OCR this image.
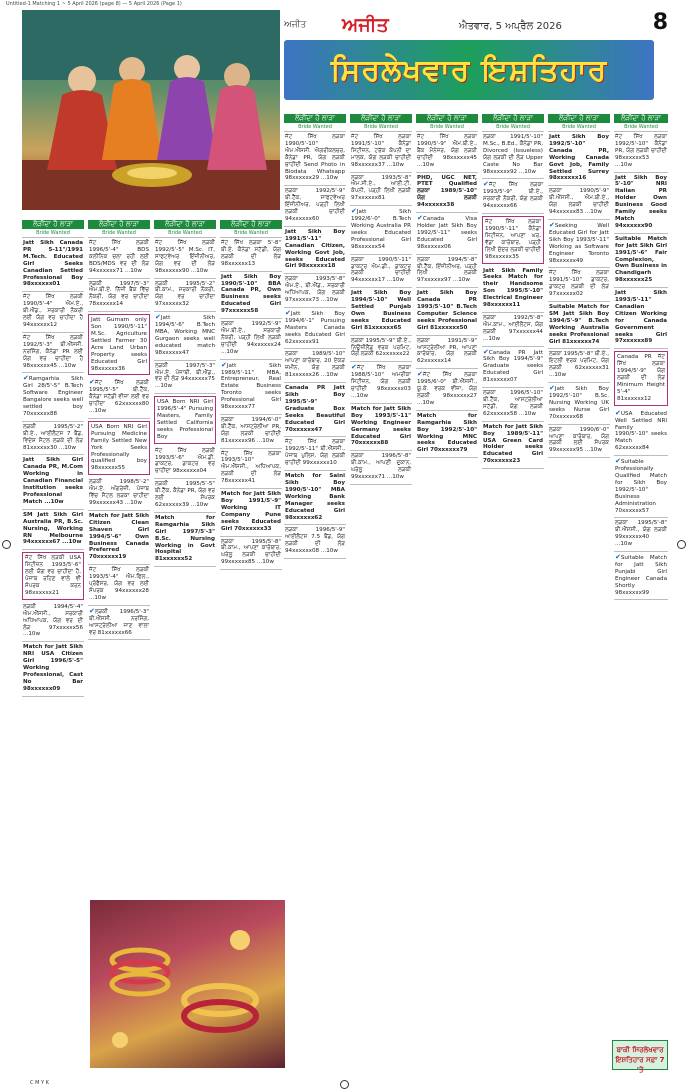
Untitled-1 Matching 1 ~ 5 April 2026 (page 8) — 5 April 2026 (Page 1)
ਅਜੀਤ ਅਜੀਤ	ਐਤਵਾਰ, 5 ਅਪ੍ਰੈਲ 2026	8
ਸਿਰਲੇਖਵਾਰ ਇਸ਼ਤਿਹਾਰ
ਲੋੜੀਂਦਾ ਹੈ ਲਾੜਾ
Bride Wanted
Jatt Sikh Canada PR 5-11"/1991 M.Tech. Educated Girl Seeks Canadian Settled Professional Boy 98xxxxxx01
ਜੱਟ ਸਿੱਖ ਲੜਕੀ 1990/5'-4" ਐਮ.ਏ., ਬੀ.ਐੱਡ., ਸਰਕਾਰੀ ਨੌਕਰੀ ਲਈ ਯੋਗ ਵਰ ਚਾਹੀਦਾ ਹੈ 94xxxxxx12
ਜੱਟ ਸਿੱਖ ਲੜਕੀ 1992/5'-3" ਬੀ.ਐੱਸਸੀ. ਨਰਸਿੰਗ, ਕੈਨੇਡਾ PR ਲਈ ਯੋਗ ਵਰ ਚਾਹੀਦਾ ਹੈ 98xxxxxx45 ...10w
✔ Ramgarhia Sikh Girl 28/5'-5" B.Tech Software Engineer Bangalore seeks well settled boy 70xxxxxx88
ਲੜਕੀ 1995/5'-2" ਬੀ.ਏ., ਆਈਲੈਟਸ 7 ਬੈਂਡ, ਵਿਦੇਸ਼ ਸੈਟਲ ਲੜਕੇ ਦੀ ਲੋੜ 81xxxxxx30 ...10w
Jatt Sikh Girl Canada PR, M.Com Working in Canadian Financial Institution seeks Professional Match ...10w
SM Jatt Sikh Girl Australia PR, B.Sc. Nursing, Working RN Melbourne 94xxxxxx67 ...10w
ਜੱਟ ਸਿੱਖ ਲੜਕੀ USA ਸਿਟੀਜ਼ਨ 1993/5'-6" ਲਈ ਯੋਗ ਵਰ ਚਾਹੀਦਾ ਹੈ, ਪੰਜਾਬ ਰਹਿਣ ਵਾਲੇ ਵੀ ਸੰਪਰਕ ਕਰਨ 98xxxxxx21
ਲੜਕੀ 1994/5'-4" ਐਮ.ਐੱਸਸੀ., ਸਰਕਾਰੀ ਅਧਿਆਪਕ, ਯੋਗ ਵਰ ਦੀ ਲੋੜ 97xxxxxx56 ...10w
Match for Jatt Sikh NRI USA Citizen Girl 1996/5'-5" Working Professional, Cast No Bar 98xxxxxx09
ਲੋੜੀਂਦਾ ਹੈ ਲਾੜਾ
Bride Wanted
ਜੱਟ ਸਿੱਖ ਲੜਕੀ 1996/5'-4" BDS ਕਲੀਨਿਕ ਚਲਾ ਰਹੀ ਲਈ BDS/MDS ਵਰ ਦੀ ਲੋੜ 94xxxxxx71 ...10w
ਲੜਕੀ 1997/5'-3" ਐਮ.ਬੀ.ਏ. ਨਿੱਜੀ ਬੈਂਕ ਵਿੱਚ ਨੌਕਰੀ, ਯੋਗ ਵਰ ਚਾਹੀਦਾ 78xxxxxx14
Jatt Gurnam only Son 1990/5'-11" M.Sc. Agriculture Settled Farmer 30 Acre Land Urban Property seeks Educated Girl 98xxxxxx36
✔ ਜੱਟ ਸਿੱਖ ਲੜਕੀ 1995/5'-5" ਬੀ.ਟੈੱਕ, ਕੈਨੇਡਾ ਸਟੱਡੀ ਵੀਜ਼ਾ ਲਈ ਵਰ ਚਾਹੀਦਾ 62xxxxxx80 ...10w
USA Born NRI Girl Pursuing Medicine Family Settled New York Seeks Professionally qualified boy 98xxxxxx55
ਲੜਕੀ 1998/5'-2" ਐਮ.ਏ. ਅੰਗਰੇਜ਼ੀ, ਪੰਜਾਬ ਵਿੱਚ ਸੈਟਲ ਲੜਕਾ ਚਾਹੀਦਾ 99xxxxxx43 ...10w
Match for Jatt Sikh Citizen Clean Shaven Girl 1994/5'-6" Own Business Canada Preferred 70xxxxxx19
ਜੱਟ ਸਿੱਖ ਲੜਕੀ 1993/5'-4" ਐਮ.ਫਿਲ., ਪ੍ਰੋਫੈਸਰ, ਯੋਗ ਵਰ ਲਈ ਸੰਪਰਕ 94xxxxxx28 ...10w
✔ ਲੜਕੀ 1996/5'-3" ਬੀ.ਐੱਸਸੀ. ਨਰਸਿੰਗ, ਆਸਟ੍ਰੇਲੀਆ ਜਾਣ ਵਾਲਾ ਵਰ 81xxxxxx66
ਲੋੜੀਂਦਾ ਹੈ ਲਾੜਾ
Bride Wanted
ਜੱਟ ਸਿੱਖ ਲੜਕੀ 1992/5'-5" M.Sc. IT, ਸਾਫਟਵੇਅਰ ਇੰਜੀਨੀਅਰ, ਯੋਗ ਵਰ ਦੀ ਲੋੜ 98xxxxxx90 ...10w
ਲੜਕੀ 1995/5'-2" ਬੀ.ਕਾਮ., ਸਰਕਾਰੀ ਨੌਕਰੀ, ਯੋਗ ਵਰ ਚਾਹੀਦਾ 97xxxxxx32
✔ Jatt Sikh 1994/5'-6" B.Tech MBA, Working MNC Gurgaon seeks well educated match 98xxxxxx47
ਲੜਕੀ 1997/5'-3" ਐਮ.ਏ. ਪੰਜਾਬੀ, ਬੀ.ਐੱਡ., ਵਰ ਦੀ ਲੋੜ 94xxxxxx75 ...10w
USA Born NRI Girl 1996/5'-4" Pursuing Masters, Family Settled California seeks Professional Boy
ਜੱਟ ਸਿੱਖ ਲੜਕੀ 1993/5'-6" ਐਮ.ਡੀ. ਡਾਕਟਰ, ਡਾਕਟਰ ਵਰ ਚਾਹੀਦਾ 98xxxxxx04
ਲੜਕੀ 1995/5'-5" ਬੀ.ਟੈੱਕ, ਕੈਨੇਡਾ PR, ਯੋਗ ਵਰ ਲਈ ਸੰਪਰਕ 62xxxxxx39 ...10w
Match for Ramgarhia Sikh Girl 1997/5'-3" B.Sc. Nursing Working in Govt Hospital 81xxxxxx52
ਲੋੜੀਂਦਾ ਹੈ ਲਾੜਾ
Bride Wanted
ਜੱਟ ਸਿੱਖ ਲੜਕਾ 5'-8" ਬੀ.ਏ. ਕੈਨੇਡਾ ਸਟੱਡੀ, ਯੋਗ ਲੜਕੀ ਦੀ ਲੋੜ 98xxxxxx13
Jatt Sikh Boy 1990/5'-10" BBA Canada PR, Own Business seeks Educated Girl 97xxxxxx58
ਲੜਕਾ 1992/5'-9" ਐਮ.ਬੀ.ਏ., ਸਰਕਾਰੀ ਨੌਕਰੀ, ਪੜ੍ਹੀ ਲਿਖੀ ਲੜਕੀ ਚਾਹੀਦੀ 94xxxxxx24 ...10w
✔ Jatt Sikh 1989/5'-11" MBA, Entrepreneur, Real Estate Business Toronto seeks Professional Girl 98xxxxxx77
ਲੜਕਾ 1994/6'-0" ਬੀ.ਟੈੱਕ, ਆਸਟ੍ਰੇਲੀਆ PR, ਯੋਗ ਲੜਕੀ ਚਾਹੀਦੀ 81xxxxxx96 ...10w
ਜੱਟ ਸਿੱਖ ਲੜਕਾ 1993/5'-10" ਐਮ.ਐੱਸਸੀ., ਅਧਿਆਪਕ, ਲੜਕੀ ਦੀ ਲੋੜ 78xxxxxx41
Match for Jatt Sikh Boy 1991/5'-9" Working IT Company Pune seeks Educated Girl 70xxxxxx33
ਲੜਕਾ 1995/5'-8" ਬੀ.ਕਾਮ., ਆਪਣਾ ਕਾਰੋਬਾਰ, ਘਰੇਲੂ ਲੜਕੀ ਚਾਹੀਦੀ 99xxxxxx85 ...10w
ਲੋੜੀਂਦਾ ਹੈ ਲਾੜਾ
Bride Wanted
ਜੱਟ ਸਿੱਖ ਲੜਕਾ 1990/5'-10" ਐਮ.ਐੱਸਸੀ. ਐਗਰੀਕਲਚਰ, ਕੈਨੇਡਾ PR, ਯੋਗ ਲੜਕੀ ਚਾਹੀਦੀ Send Photo in Biodata Whatsapp 98xxxxxx29 ...10w
ਲੜਕਾ 1992/5'-9" ਬੀ.ਟੈੱਕ, ਸਾਫਟਵੇਅਰ ਇੰਜੀਨੀਅਰ, ਪੜ੍ਹੀ ਲਿਖੀ ਲੜਕੀ ਚਾਹੀਦੀ 94xxxxxx60
Jatt Sikh Boy 1991/5'-11" Canadian Citizen, Working Govt Job, seeks Educated Girl 98xxxxxx18
ਲੜਕਾ 1993/5'-8" ਐਮ.ਏ., ਬੀ.ਐੱਡ., ਸਰਕਾਰੀ ਅਧਿਆਪਕ, ਯੋਗ ਲੜਕੀ 97xxxxxx73 ...10w
✔ Jatt Sikh Boy 1994/6'-1" Pursuing Masters Canada seeks Educated Girl 62xxxxxx91
ਲੜਕਾ 1989/5'-10" ਆਪਣਾ ਕਾਰੋਬਾਰ, 20 ਏਕੜ ਜ਼ਮੀਨ, ਯੋਗ ਲੜਕੀ 81xxxxxx26 ...10w
Canada PR Jatt Sikh Boy 1995/5'-9" Graduate Box Seeks Beautiful Educated Girl 70xxxxxx47
ਜੱਟ ਸਿੱਖ ਲੜਕਾ 1992/5'-11" ਬੀ.ਐੱਸਸੀ., ਪੰਜਾਬ ਪੁਲਿਸ, ਯੋਗ ਲੜਕੀ ਚਾਹੀਦੀ 99xxxxxx10
Match for Saini Sikh Boy 1990/5'-10" MBA Working Bank Manager seeks Educated Girl 98xxxxxx62
ਲੜਕਾ 1996/5'-9" ਆਈਲੈਟਸ 7.5 ਬੈਂਡ, ਯੋਗ ਲੜਕੀ ਦੀ ਲੋੜ 94xxxxxx08 ...10w
ਲੋੜੀਂਦਾ ਹੈ ਲਾੜਾ
Bride Wanted
ਜੱਟ ਸਿੱਖ ਲੜਕਾ 1991/5'-10" ਕੈਨੇਡਾ ਸਿਟੀਜ਼ਨ, ਟਰੱਕ ਕੰਪਨੀ ਦਾ ਮਾਲਕ, ਯੋਗ ਲੜਕੀ ਚਾਹੀਦੀ 98xxxxxx37 ...10w
ਲੜਕਾ 1993/5'-8" ਐਮ.ਸੀ.ਏ., ਆਈ.ਟੀ. ਕੰਪਨੀ, ਪੜ੍ਹੀ ਲਿਖੀ ਲੜਕੀ 97xxxxxx81
✔ Jatt Sikh 1992/6'-0" B.Tech Working Australia PR seeks Educated Professional Girl 98xxxxxx54
ਲੜਕਾ 1990/5'-11" ਡਾਕਟਰ ਐਮ.ਡੀ., ਡਾਕਟਰ ਲੜਕੀ ਚਾਹੀਦੀ 94xxxxxx17 ...10w
Jatt Sikh Boy 1994/5'-10" Well Settled Punjab Own Business seeks Educated Girl 81xxxxxx65
ਲੜਕਾ 1995/5'-9" ਬੀ.ਏ., ਨਿਊਜ਼ੀਲੈਂਡ ਵਰਕ ਪਰਮਿਟ, ਯੋਗ ਲੜਕੀ 62xxxxxx22
✔ ਜੱਟ ਸਿੱਖ ਲੜਕਾ 1988/5'-10" ਅਮਰੀਕਾ ਸਿਟੀਜ਼ਨ, ਯੋਗ ਲੜਕੀ ਚਾਹੀਦੀ 98xxxxxx03 ...10w
Match for Jatt Sikh Boy 1993/5'-11" Working Engineer Germany seeks Educated Girl 70xxxxxx88
ਲੜਕਾ 1996/5'-8" ਬੀ.ਕਾਮ., ਆਪਣੀ ਦੁਕਾਨ, ਘਰੇਲੂ ਲੜਕੀ 99xxxxxx71 ...10w
ਲੋੜੀਂਦਾ ਹੈ ਲਾੜਾ
Bride Wanted
ਜੱਟ ਸਿੱਖ ਲੜਕਾ 1990/5'-9" ਐਮ.ਬੀ.ਏ., ਬੈਂਕ ਮੈਨੇਜਰ, ਯੋਗ ਲੜਕੀ ਚਾਹੀਦੀ 98xxxxxx45 ...10w
PHD, UGC NET, PTET Qualified ਲੜਕਾ 1989/5'-10" ਯੋਗ ਲੜਕੀ 94xxxxxx38
✔ Canada Visa Holder Jatt Sikh Boy 1992/5'-11" seeks Educated Girl 98xxxxxx06
ਲੜਕਾ 1994/5'-8" ਬੀ.ਟੈੱਕ, ਇੰਜੀਨੀਅਰ, ਪੜ੍ਹੀ ਲਿਖੀ ਲੜਕੀ 97xxxxxx97 ...10w
Jatt Sikh Boy Canada PR 1993/5'-10" B.Tech Computer Science seeks Professional Girl 81xxxxxx50
ਲੜਕਾ 1991/5'-9" ਆਸਟ੍ਰੇਲੀਆ PR, ਆਪਣਾ ਕਾਰੋਬਾਰ, ਯੋਗ ਲੜਕੀ 62xxxxxx14
✔ ਜੱਟ ਸਿੱਖ ਲੜਕਾ 1995/6'-0" ਬੀ.ਐੱਸਸੀ., ਯੂ.ਕੇ. ਵਰਕ ਵੀਜ਼ਾ, ਯੋਗ ਲੜਕੀ 98xxxxxx27 ...10w
Match for Ramgarhia Sikh Boy 1992/5'-10" Working MNC seeks Educated Girl 70xxxxxx79
ਲੋੜੀਂਦਾ ਹੈ ਲਾੜਾ
Bride Wanted
ਲੜਕਾ 1991/5'-10" M.Sc., B.Ed., ਕੈਨੇਡਾ PR, Divorced (Issueless) ਯੋਗ ਲੜਕੀ ਦੀ ਲੋੜ Upper Caste No Bar 98xxxxxx92 ...10w
✔ ਜੱਟ ਸਿੱਖ ਲੜਕਾ 1993/5'-9" ਬੀ.ਏ., ਸਰਕਾਰੀ ਨੌਕਰੀ, ਯੋਗ ਲੜਕੀ 94xxxxxx66
ਜੱਟ ਸਿੱਖ ਲੜਕਾ 1990/5'-11" ਕੈਨੇਡਾ ਸਿਟੀਜ਼ਨ, ਆਪਣਾ ਘਰ, ਵੱਡਾ ਕਾਰੋਬਾਰ, ਪੜ੍ਹੀ ਲਿਖੀ ਸੁੰਦਰ ਲੜਕੀ ਚਾਹੀਦੀ 98xxxxxx35
Jatt Sikh Family Seeks Match for their Handsome Son 1995/5'-10" Electrical Engineer 98xxxxxx11
ਲੜਕਾ 1992/5'-8" ਐਮ.ਕਾਮ., ਆਈਲੈਟਸ, ਯੋਗ ਲੜਕੀ 97xxxxxx44 ...10w
✔ Canada PR Jatt Sikh Boy 1994/5'-9" Graduate seeks Educated Girl 81xxxxxx07
ਲੜਕਾ 1996/5'-10" ਬੀ.ਟੈੱਕ, ਆਸਟ੍ਰੇਲੀਆ ਸਟੱਡੀ, ਯੋਗ ਲੜਕੀ 62xxxxxx58 ...10w
Match for Jatt Sikh Boy 1989/5'-11" USA Green Card Holder seeks Educated Girl 70xxxxxx23
ਲੋੜੀਂਦਾ ਹੈ ਲਾੜਾ
Bride Wanted
Jatt Sikh Boy 1992/5'-10" Canada PR, Working Canada Govt Job, Family Settled Surrey 98xxxxxx16
ਲੜਕਾ 1990/5'-9" ਬੀ.ਐੱਸਸੀ., ਐਮ.ਬੀ.ਏ., ਯੋਗ ਲੜਕੀ ਚਾਹੀਦੀ 94xxxxxx83 ...10w
✔ Seeking Well Educated Girl for Jatt Sikh Boy 1993/5'-11" Working as Software Engineer Toronto 98xxxxxx49
ਜੱਟ ਸਿੱਖ ਲੜਕਾ 1991/5'-10" ਡਾਕਟਰ, ਡਾਕਟਰ ਲੜਕੀ ਦੀ ਲੋੜ 97xxxxxx02
Suitable Match for SM Jatt Sikh Boy 1994/5'-9" B.Tech Working Australia seeks Professional Girl 81xxxxxx74
ਲੜਕਾ 1995/5'-8" ਬੀ.ਏ., ਇਟਲੀ ਵਰਕ ਪਰਮਿਟ, ਯੋਗ ਲੜਕੀ 62xxxxxx31 ...10w
✔ Jatt Sikh Boy 1992/5'-10" B.Sc. Nursing Working UK seeks Nurse Girl 70xxxxxx68
ਲੜਕਾ 1990/6'-0" ਆਪਣਾ ਕਾਰੋਬਾਰ, ਯੋਗ ਲੜਕੀ ਲਈ ਸੰਪਰਕ 99xxxxxx95 ...10w
ਲੋੜੀਂਦਾ ਹੈ ਲਾੜਾ
Bride Wanted
ਜੱਟ ਸਿੱਖ ਲੜਕਾ 1992/5'-10" ਕੈਨੇਡਾ PR, ਯੋਗ ਲੜਕੀ ਚਾਹੀਦੀ 98xxxxxx53 ...10w
Jatt Sikh Boy 5'-10" NRI Italian PR Holder Own Business Good Family seeks Match 94xxxxxx90
Suitable Match for Jatt Sikh Girl 1991/5'-6" Fair Complexion, Own Business in Chandigarh 98xxxxxx25
Jatt Sikh 1993/5'-11" Canadian Citizen Working for Canada Government seeks Girl 97xxxxxx89
Canada PR ਜੱਟ ਸਿੱਖ ਲੜਕਾ 1994/5'-9" ਯੋਗ ਲੜਕੀ ਦੀ ਲੋੜ Minimum Height 5'-4" 81xxxxxx12
✔ USA Educated Well Settled NRI Family 1990/5'-10" seeks Match 62xxxxxx84
✔ Suitable Professionally Qualified Match for Sikh Boy 1992/5'-10" Business Administration 70xxxxxx57
ਲੜਕਾ 1995/5'-8" ਬੀ.ਐੱਸਸੀ., ਯੋਗ ਲੜਕੀ 99xxxxxx40 ...10w
✔ Suitable Match for Jatt Sikh Punjabi Girl Engineer Canada Shortly 98xxxxxx99
ਬਾਕੀ ਸਿਰਲੇਖਵਾਰ
ਇਸ਼ਤਿਹਾਰ ਸਫ਼ਾ 7 'ਤੇ
C M Y K
